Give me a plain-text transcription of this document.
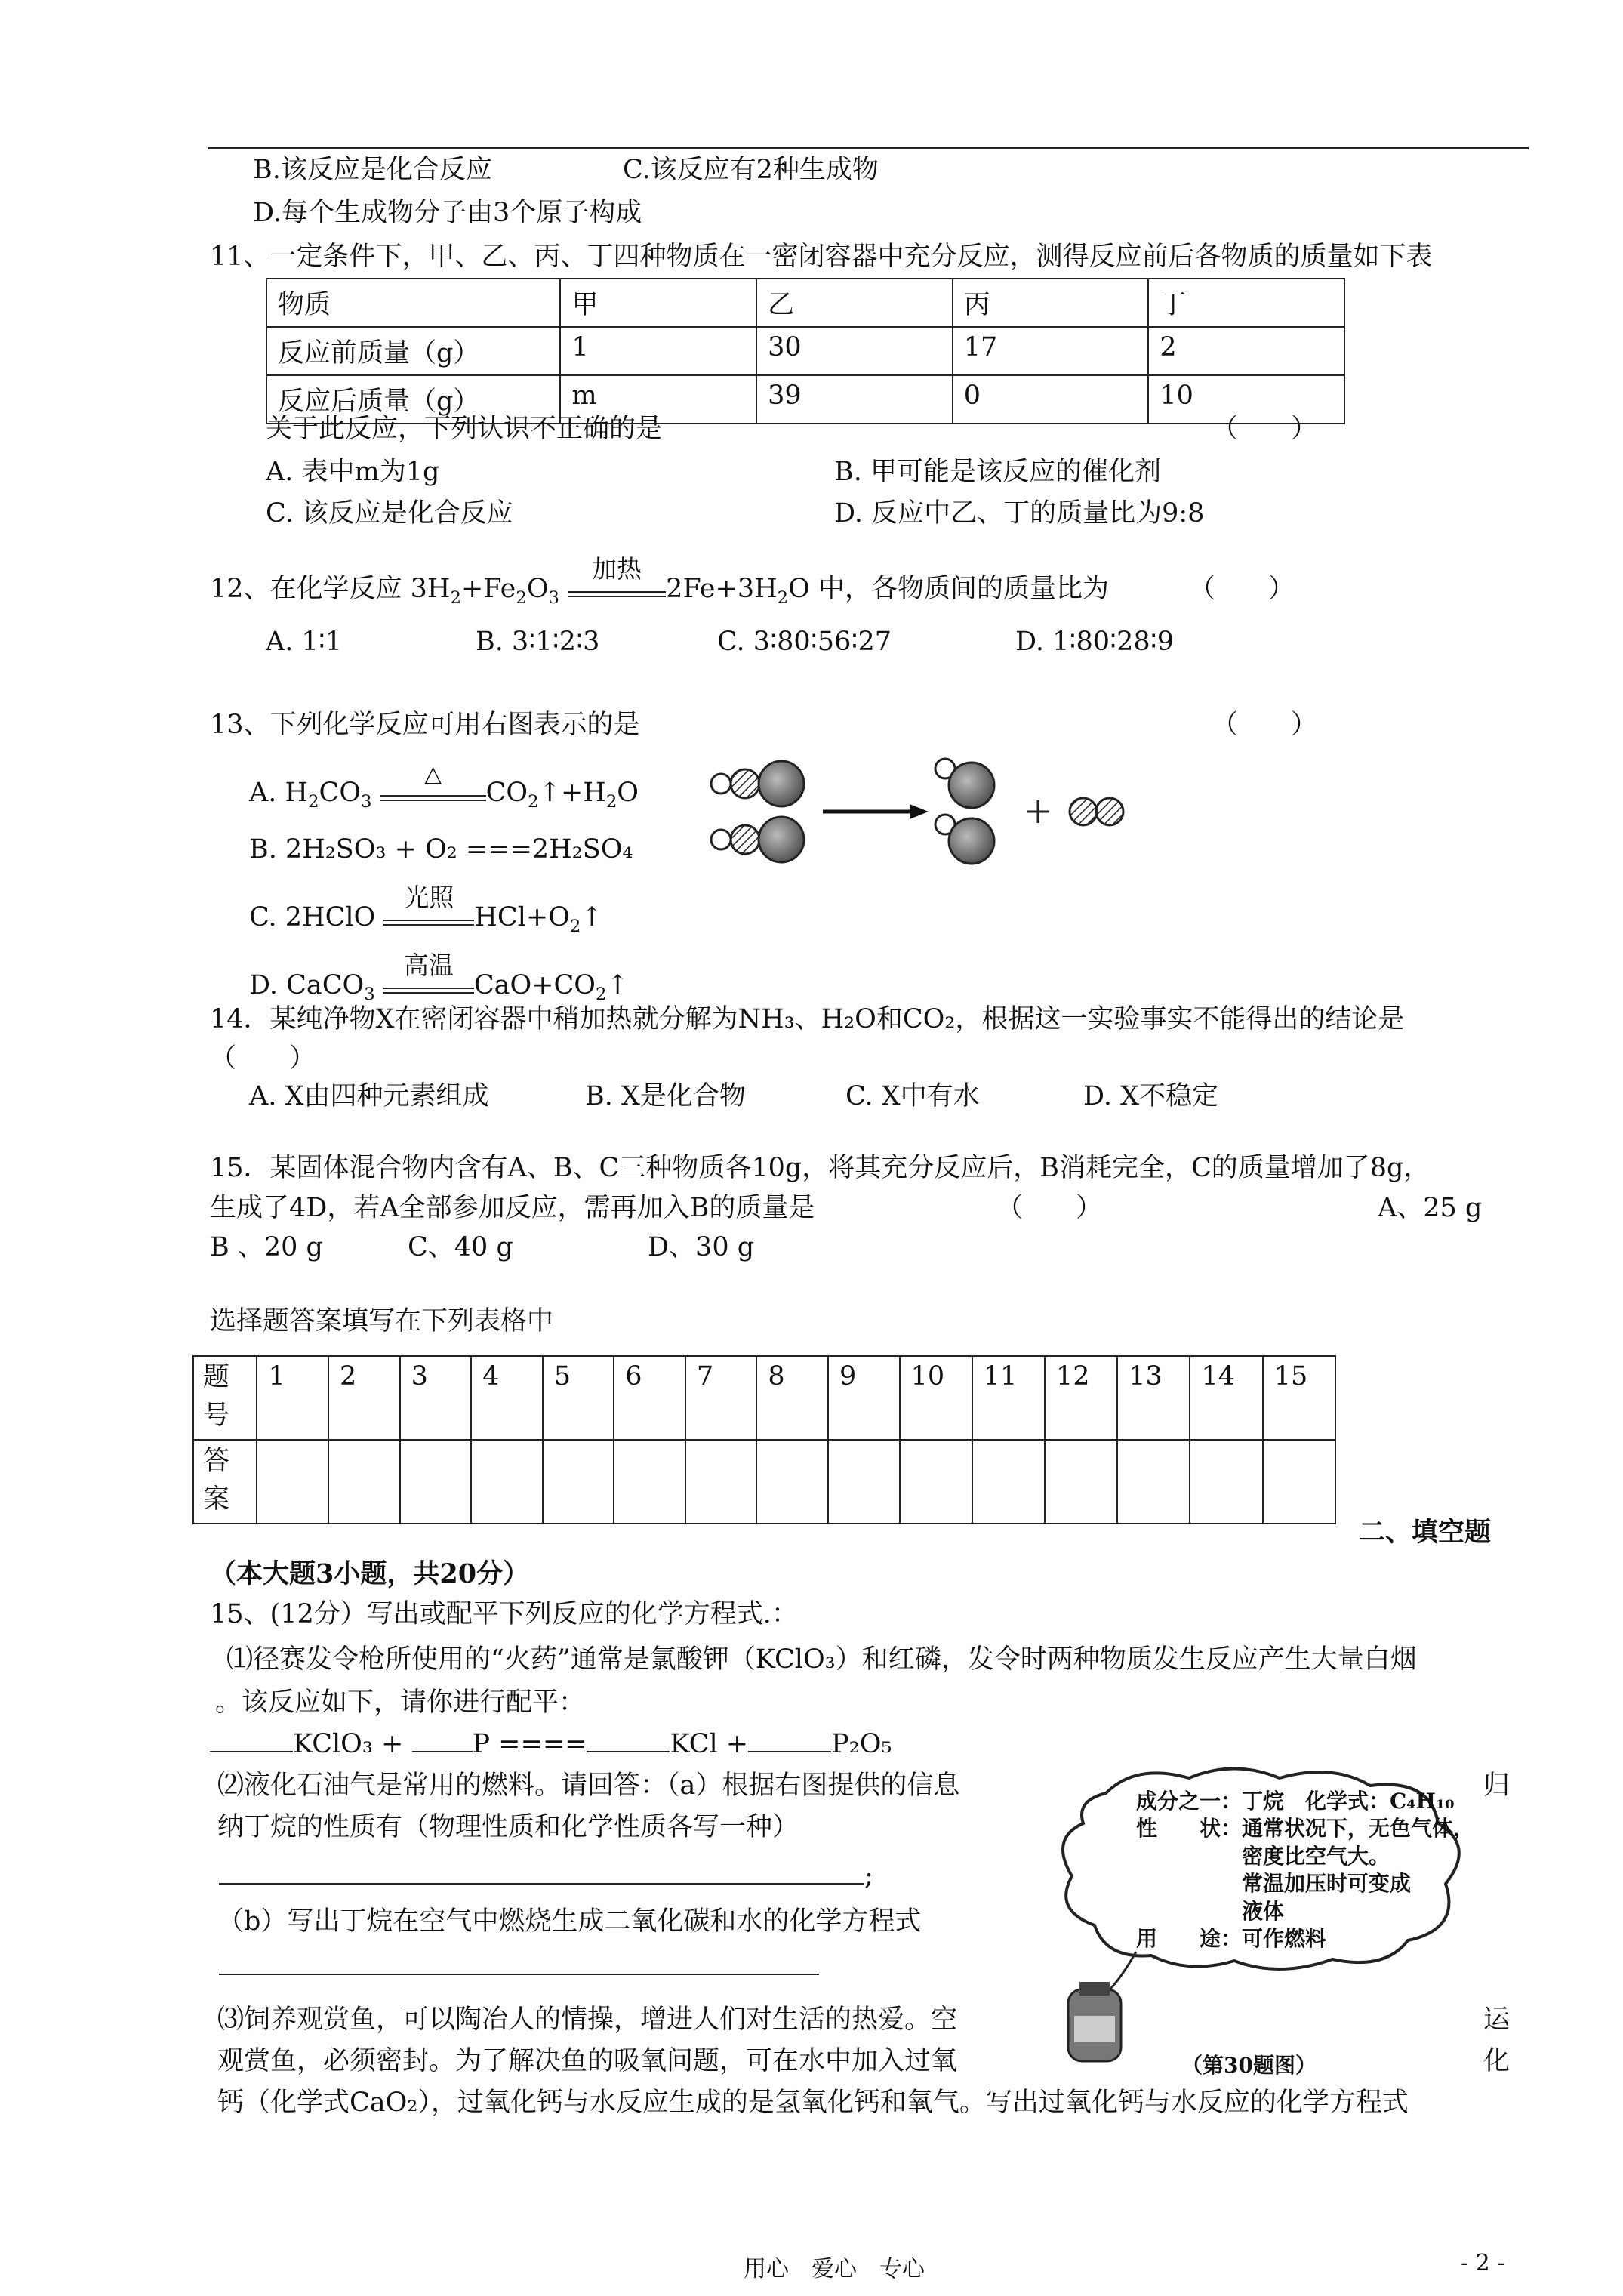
B.该反应是化合反应	C.该反应有2种生成物
D.每个生成物分子由3个原子构成
11、一定条件下，甲、乙、丙、丁四种物质在一密闭容器中充分反应，测得反应前后各物质的质量如下表
物质	甲	乙	丙	丁
反应前质量（g）	1	30	17	2
反应后质量（g）	m	39	0	10
关于此反应，下列认识不正确的是	（　　）
A. 表中m为1g	B. 甲可能是该反应的催化剂
C. 该反应是化合反应	D. 反应中乙、丁的质量比为9:8
12、在化学反应 $3H_2+Fe_2O_3$
加热
$2Fe+3H_2O$ 中，各物质间的质量比为	（　　）
A. 1∶1	B. 3∶1∶2∶3	C. 3∶80∶56∶27	D. 1∶80∶28∶9
13、下列化学反应可用右图表示的是	（　　）
A. $H_2CO_3$
△
$CO_2↑+H_2O$
B. 2H₂SO₃ + O₂ ===2H₂SO₄
C. 2HClO
光照
$HCl+O_2↑$
D. CaCO$_3$
高温
$CaO+CO_2↑$
14．某纯净物X在密闭容器中稍加热就分解为NH₃、H₂O和CO₂，根据这一实验事实不能得出的结论是
（　　）
A. X由四种元素组成	B. X是化合物	C. X中有水	D. X不稳定
15．某固体混合物内含有A、B、C三种物质各10g，将其充分反应后，B消耗完全，C的质量增加了8g，
生成了4D，若A全部参加反应，需再加入B的质量是	（　　）	A、25 g
B 、20 g	C、40 g	D、30 g
选择题答案填写在下列表格中
题号	1	2	3	4	5	6	7	8	9	10	11	12	13	14	15

答案															

二、填空题
（本大题3小题，共20分）
15、(12分）写出或配平下列反应的化学方程式.：
⑴径赛发令枪所使用的“火药”通常是氯酸钾（KClO₃）和红磷，发令时两种物质发生反应产生大量白烟
。该反应如下，请你进行配平：
KClO₃ +	P ====	KCl +	P₂O₅
⑵液化石油气是常用的燃料。请回答：（a）根据右图提供的信息	归
纳丁烷的性质有（物理性质和化学性质各写一种）
;
（b）写出丁烷在空气中燃烧生成二氧化碳和水的化学方程式
⑶饲养观赏鱼，可以陶冶人的情操，增进人们对生活的热爱。空	运
观赏鱼，必须密封。为了解决鱼的吸氧问题，可在水中加入过氧	化
钙（化学式CaO₂），过氧化钙与水反应生成的是氢氧化钙和氧气。写出过氧化钙与水反应的化学方程式
成分之一：丁烷　化学式：C₄H₁₀
性　　状：通常状况下，无色气体，
　　　　　密度比空气大。
　　　　　常温加压时可变成
　　　　　液体
用　　途：可作燃料
（第30题图）
用心　爱心　专心	- 2 -
